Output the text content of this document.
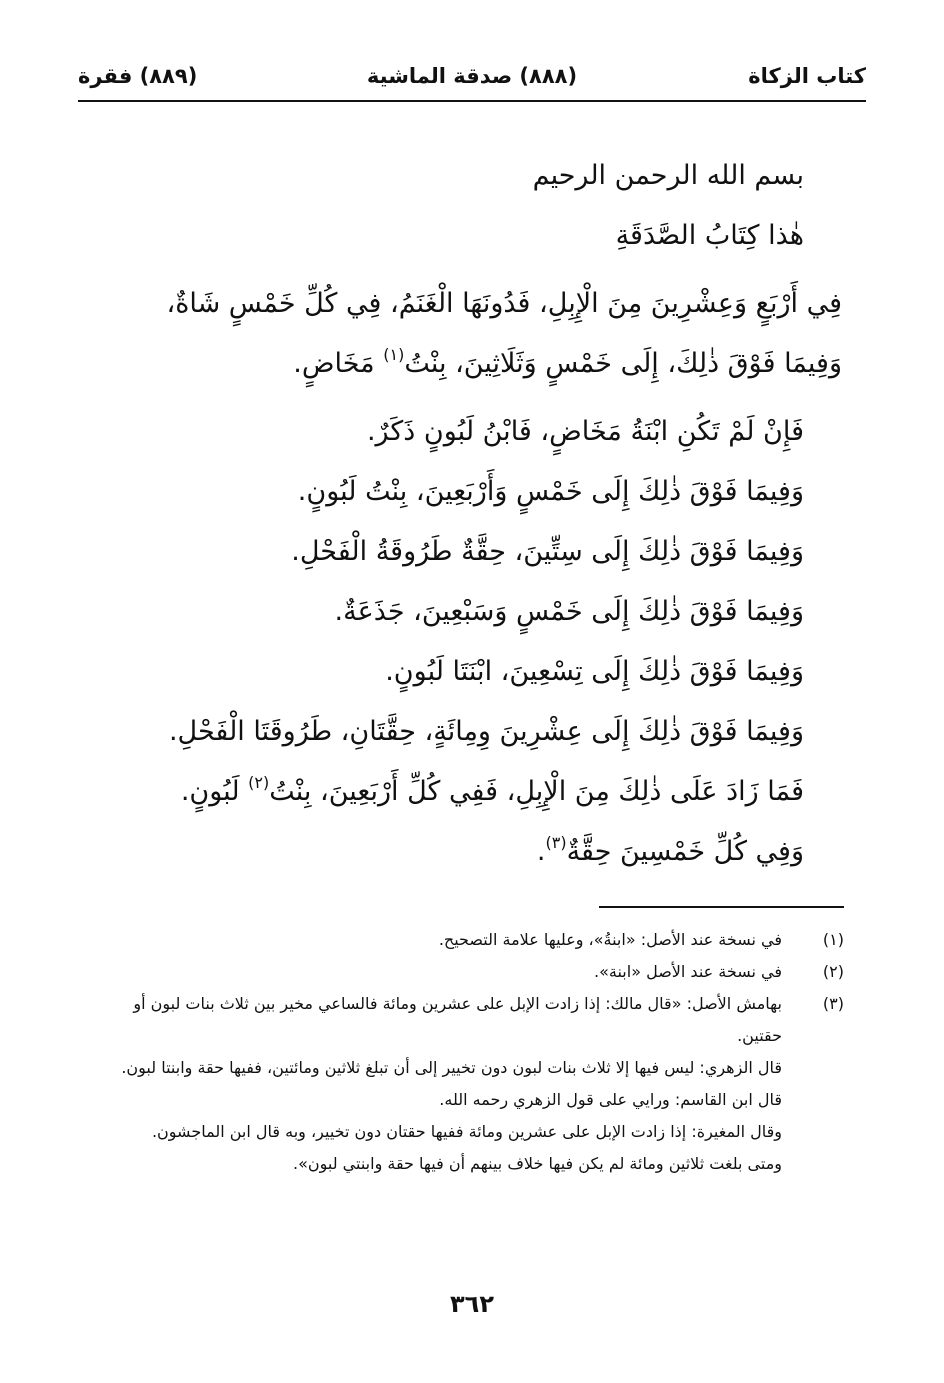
كتاب الزكاة
(٨٨٨) صدقة الماشية
(٨٨٩) فقرة
بسم الله الرحمن الرحيم
هٰذا كِتَابُ الصَّدَقَةِ
فِي أَرْبَعٍ وَعِشْرِينَ مِنَ الْإِبِلِ، فَدُونَهَا الْغَنَمُ، فِي كُلِّ خَمْسٍ شَاةٌ،
وَفِيمَا فَوْقَ ذٰلِكَ، إِلَى خَمْسٍ وَثَلَاثِينَ، بِنْتُ$^{(١)}$ مَخَاضٍ.
فَإِنْ لَمْ تَكُنِ ابْنَةُ مَخَاضٍ، فَابْنُ لَبُونٍ ذَكَرٌ.
وَفِيمَا فَوْقَ ذٰلِكَ إِلَى خَمْسٍ وَأَرْبَعِينَ، بِنْتُ لَبُونٍ.
وَفِيمَا فَوْقَ ذٰلِكَ إِلَى سِتِّينَ، حِقَّةٌ طَرُوقَةُ الْفَحْلِ.
وَفِيمَا فَوْقَ ذٰلِكَ إِلَى خَمْسٍ وَسَبْعِينَ، جَذَعَةٌ.
وَفِيمَا فَوْقَ ذٰلِكَ إِلَى تِسْعِينَ، ابْنَتَا لَبُونٍ.
وَفِيمَا فَوْقَ ذٰلِكَ إِلَى عِشْرِينَ وِمِائَةٍ، حِقَّتَانِ، طَرُوقَتَا الْفَحْلِ.
فَمَا زَادَ عَلَى ذٰلِكَ مِنَ الْإِبِلِ، فَفِي كُلِّ أَرْبَعِينَ، بِنْتُ$^{(٢)}$ لَبُونٍ.
وَفِي كُلِّ خَمْسِينَ حِقَّةٌ$^{(٣)}$.
(١)
في نسخة عند الأصل: «ابنةُ»، وعليها علامة التصحيح.
(٢)
في نسخة عند الأصل «ابنة».
(٣)
بهامش الأصل: «قال مالك: إذا زادت الإبل على عشرين ومائة فالساعي مخير بين ثلاث بنات لبون أو حقتين.
قال الزهري: ليس فيها إلا ثلاث بنات لبون دون تخيير إلى أن تبلغ ثلاثين ومائتين، ففيها حقة وابنتا لبون.
قال ابن القاسم: ورايي على قول الزهري رحمه الله.
وقال المغيرة: إذا زادت الإبل على عشرين ومائة ففيها حقتان دون تخيير، وبه قال ابن الماجشون.
ومتى بلغت ثلاثين ومائة لم يكن فيها خلاف بينهم أن فيها حقة وابنتي لبون».
٣٦٢
